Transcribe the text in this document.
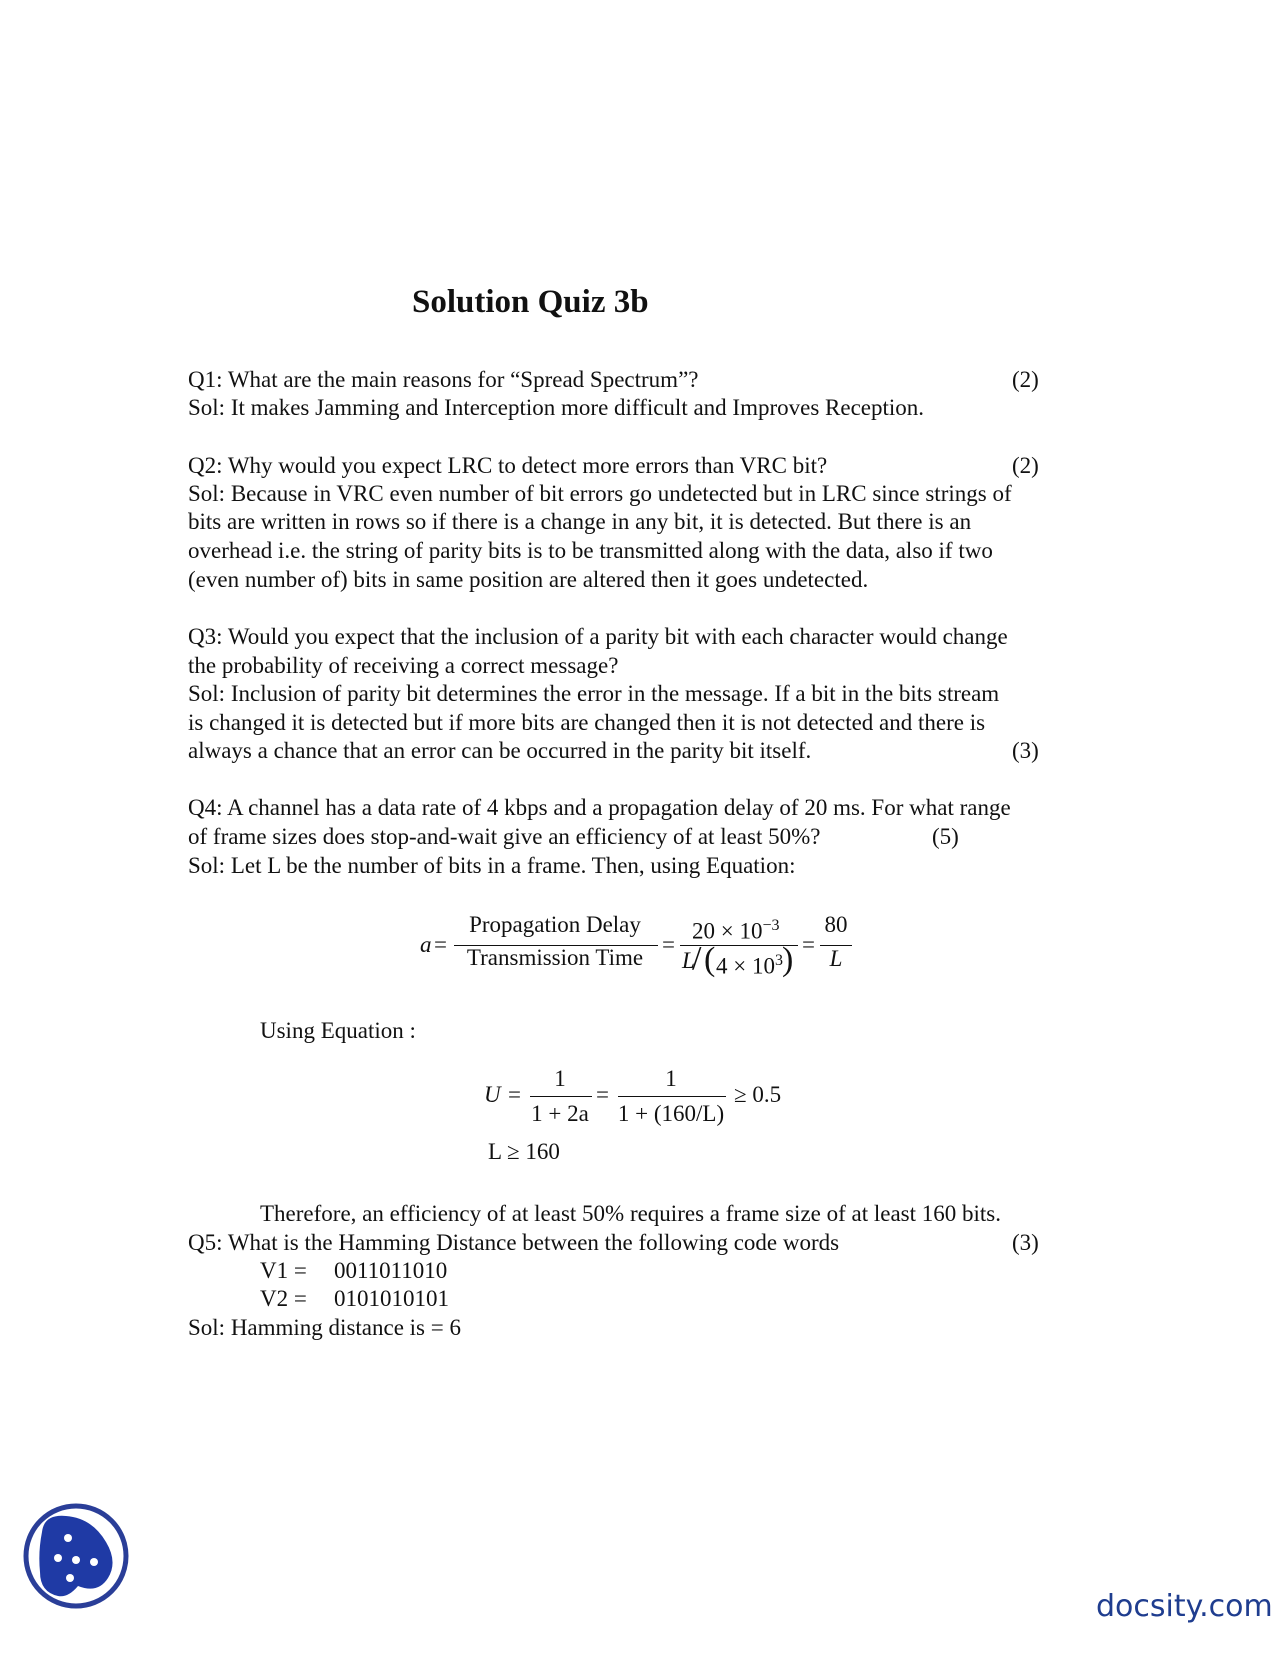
Solution Quiz 3b
Q1: What are the main reasons for “Spread Spectrum”?	(2)
Sol: It makes Jamming and Interception more difficult and Improves Reception.
Q2: Why would you expect LRC to detect more errors than VRC bit?	(2)
Sol: Because in VRC even number of bit errors go undetected but in LRC since strings of
bits are written in rows so if there is a change in any bit, it is detected. But there is an
overhead i.e. the string of parity bits is to be transmitted along with the data, also if two
(even number of) bits in same position are altered then it goes undetected.
Q3: Would you expect that the inclusion of a parity bit with each character would change
the probability of receiving a correct message?
Sol: Inclusion of parity bit determines the error in the message. If a bit in the bits stream
is changed it is detected but if more bits are changed then it is not detected and there is
always a chance that an error can be occurred in the parity bit itself.	(3)
Q4: A channel has a data rate of 4 kbps and a propagation delay of 20 ms. For what range
of frame sizes does stop-and-wait give an efficiency of at least 50%?	(5)
Sol: Let L be the number of bits in a frame. Then, using Equation:
a =
Propagation Delay
Transmission Time
=
$20 \times 10^{-3}$
L
/ ( $4 \times 10^3$ ) =
80
L
Using Equation :
U =
1
1 + 2a
=
1
1 + (160/L)
≥ 0.5
L ≥ 160
Therefore, an efficiency of at least 50% requires a frame size of at least 160 bits.
Q5: What is the Hamming Distance between the following code words	(3)
V1 = 0011011010
V2 = 0101010101
Sol: Hamming distance is = 6
docsity.com
